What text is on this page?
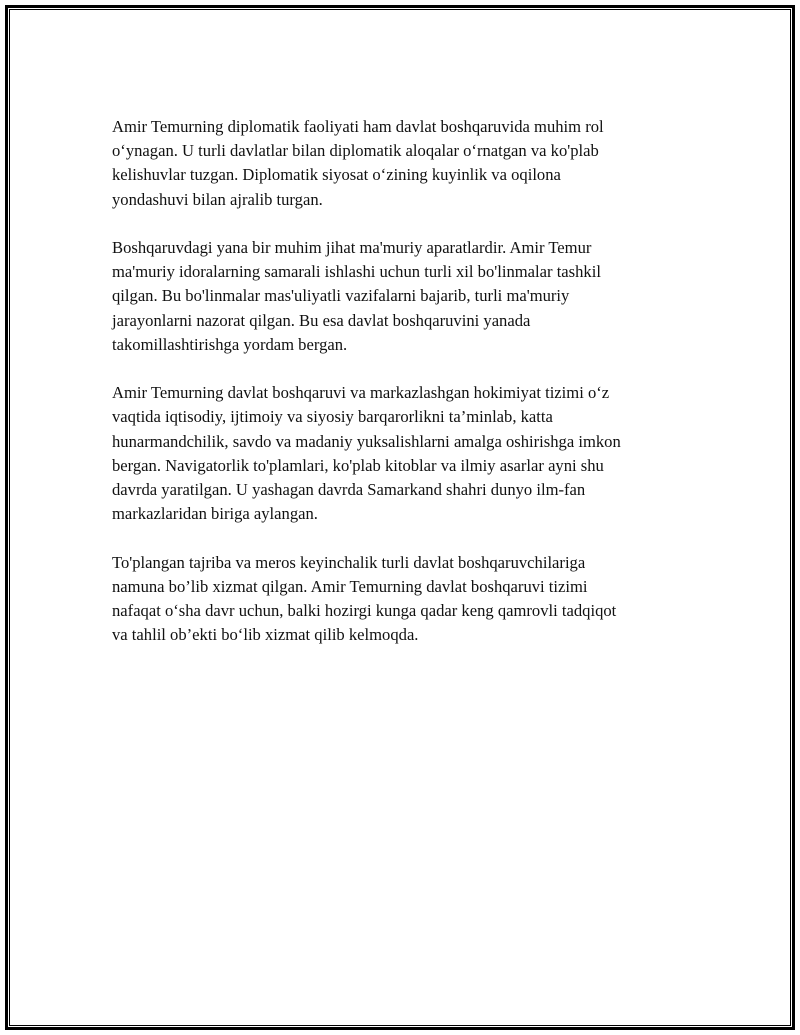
Amir Temurning diplomatik faoliyati ham davlat boshqaruvida muhim rol
o‘ynagan. U turli davlatlar bilan diplomatik aloqalar o‘rnatgan va ko'plab
kelishuvlar tuzgan. Diplomatik siyosat o‘zining kuyinlik va oqilona
yondashuvi bilan ajralib turgan.

Boshqaruvdagi yana bir muhim jihat ma'muriy aparatlardir. Amir Temur
ma'muriy idoralarning samarali ishlashi uchun turli xil bo'linmalar tashkil
qilgan. Bu bo'linmalar mas'uliyatli vazifalarni bajarib, turli ma'muriy
jarayonlarni nazorat qilgan. Bu esa davlat boshqaruvini yanada
takomillashtirishga yordam bergan.

Amir Temurning davlat boshqaruvi va markazlashgan hokimiyat tizimi o‘z
vaqtida iqtisodiy, ijtimoiy va siyosiy barqarorlikni ta’minlab, katta
hunarmandchilik, savdo va madaniy yuksalishlarni amalga oshirishga imkon
bergan. Navigatorlik to'plamlari, ko'plab kitoblar va ilmiy asarlar ayni shu
davrda yaratilgan. U yashagan davrda Samarkand shahri dunyo ilm-fan
markazlaridan biriga aylangan.

To'plangan tajriba va meros keyinchalik turli davlat boshqaruvchilariga
namuna bo’lib xizmat qilgan. Amir Temurning davlat boshqaruvi tizimi
nafaqat o‘sha davr uchun, balki hozirgi kunga qadar keng qamrovli tadqiqot
va tahlil ob’ekti bo‘lib xizmat qilib kelmoqda.
